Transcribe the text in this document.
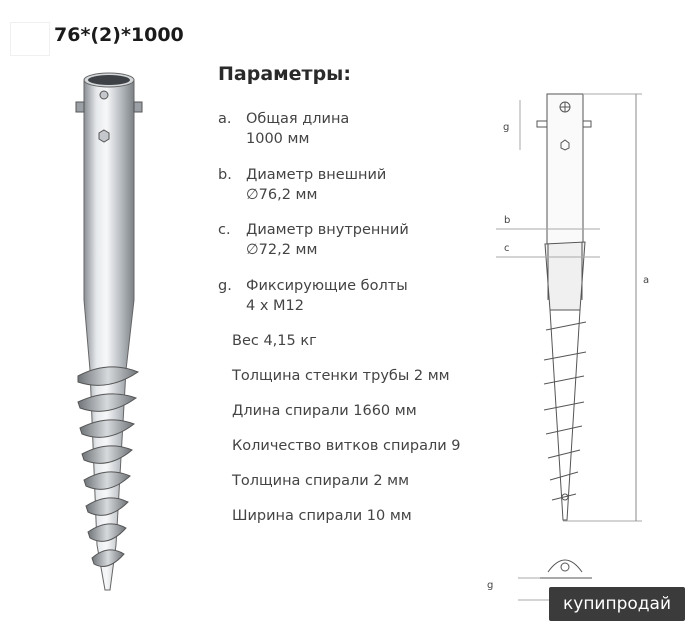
76*(2)*1000
g
b
c
a
g
Параметры:
a. Общая длина
1000 мм
b. Диаметр внешний
∅76,2 мм
c. Диаметр внутренний
∅72,2 мм
g. Фиксирующие болты
4 х М12
Вес 4,15 кг
Толщина стенки трубы 2 мм
Длина спирали 1660 мм
Количество витков спирали 9
Толщина спирали 2 мм
Ширина спирали 10 мм
купипродай
